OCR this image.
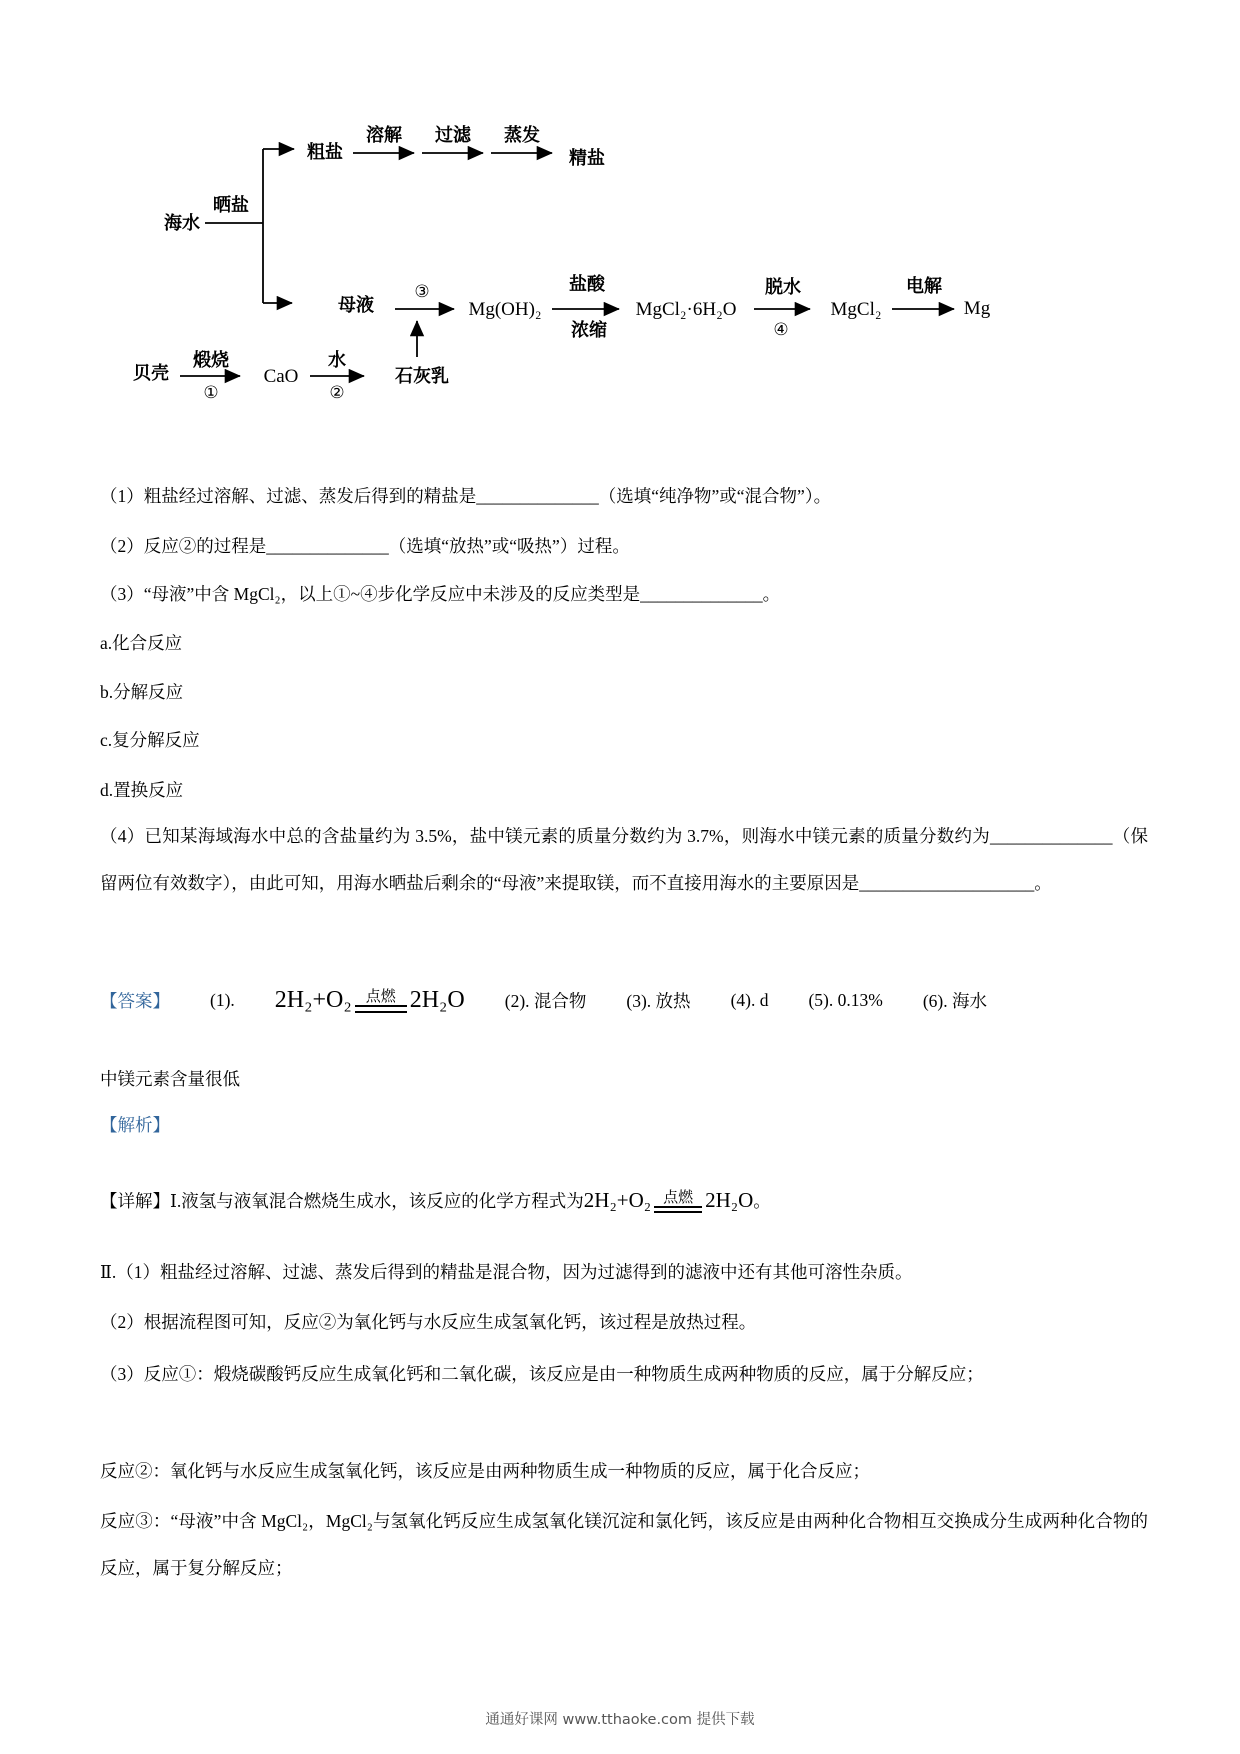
海水
晒盐
粗盐
溶解 过滤 蒸发
精盐
母液
③
Mg(OH)₂
盐酸
浓缩
MgCl₂·6H₂O
脱水
④
MgCl₂
电解
Mg
贝壳
煅烧
①
CaO
水
②
石灰乳

（1）粗盐经过溶解、过滤、蒸发后得到的精盐是______________（选填“纯净物”或“混合物”）。

（2）反应②的过程是______________（选填“放热”或“吸热”）过程。

（3）“母液”中含 MgCl₂，以上①~④步化学反应中未涉及的反应类型是______________。

a.化合反应

b.分解反应

c.复分解反应

d.置换反应

（4）已知某海域海水中总的含盐量约为 3.5%，盐中镁元素的质量分数约为 3.7%，则海水中镁元素的质量分数约为______________（保留两位有效数字），由此可知，用海水晒盐后剩余的“母液”来提取镁，而不直接用海水的主要原因是____________________。

【答案】 (1). 2H₂+O₂ 点燃 2H₂O (2). 混合物 (3). 放热 (4). d (5). 0.13% (6). 海水

中镁元素含量很低

【解析】

【详解】Ⅰ.液氢与液氧混合燃烧生成水，该反应的化学方程式为 2H₂+O₂ 点燃 2H₂O 。

Ⅱ.（1）粗盐经过溶解、过滤、蒸发后得到的精盐是混合物，因为过滤得到的滤液中还有其他可溶性杂质。

（2）根据流程图可知，反应②为氧化钙与水反应生成氢氧化钙，该过程是放热过程。

（3）反应①：煅烧碳酸钙反应生成氧化钙和二氧化碳，该反应是由一种物质生成两种物质的反应，属于分解反应；

反应②：氧化钙与水反应生成氢氧化钙，该反应是由两种物质生成一种物质的反应，属于化合反应；

反应③：“母液”中含 MgCl₂，MgCl₂与氢氧化钙反应生成氢氧化镁沉淀和氯化钙，该反应是由两种化合物相互交换成分生成两种化合物的反应，属于复分解反应；

通通好课网 www.tthaoke.com 提供下载
